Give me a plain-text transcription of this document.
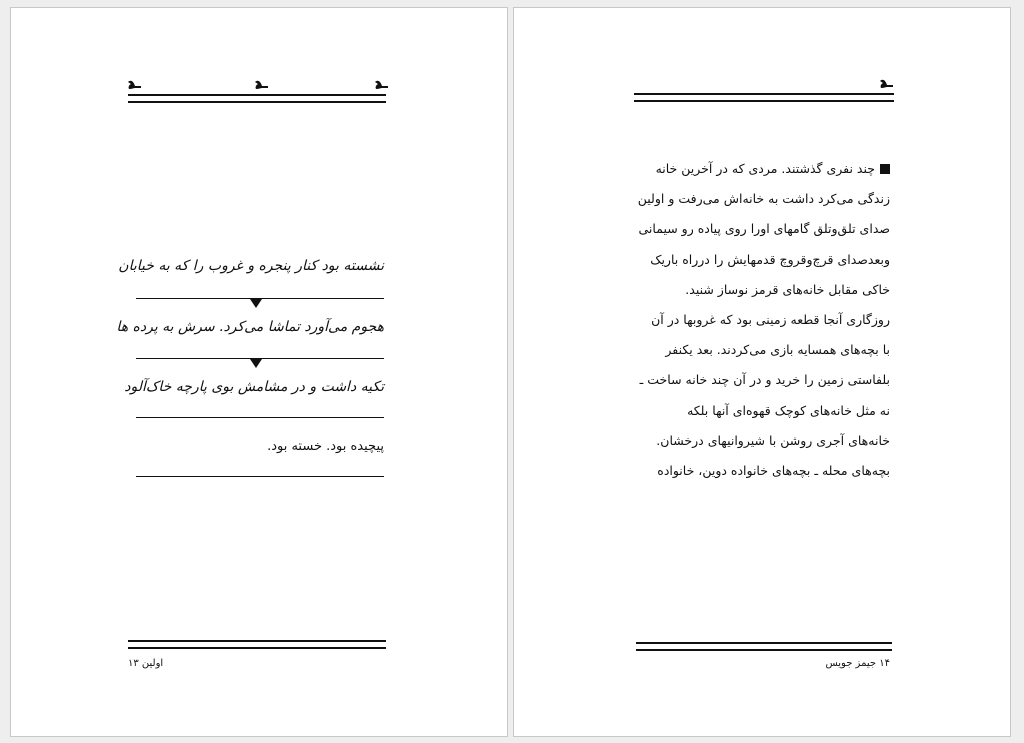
نشسته بود کنار پنجره و غروب را که به خیابان
هجوم می‌آورد تماشا می‌کرد. سرش به پرده ها
تکیه داشت و در مشامش بوی پارچه خاک‌آلود
پیچیده بود. خسته بود.
اولین ۱۳
چند نفری گذشتند. مردی که در آخرین خانه
زندگی می‌کرد داشت به خانه‌اش می‌رفت و اولین
صدای تلق‌وتلق گامهای اورا روی پیاده رو سیمانی
وبعدصدای قرچ‌وقروچ قدمهایش را درراه باریک
خاکی مقابل خانه‌های قرمز نوساز شنید.
روزگاری آنجا قطعه زمینی بود که غروبها در آن
با بچه‌های همسایه بازی می‌کردند. بعد یکنفر
بلفاستی زمین را خرید و در آن چند خانه ساخت ـ
نه مثل خانه‌های کوچک قهوه‌ای آنها بلکه
خانه‌های آجری روشن با شیروانیهای درخشان.
بچه‌های محله ـ بچه‌های خانواده دوین، خانواده
۱۴ جیمز جویس
